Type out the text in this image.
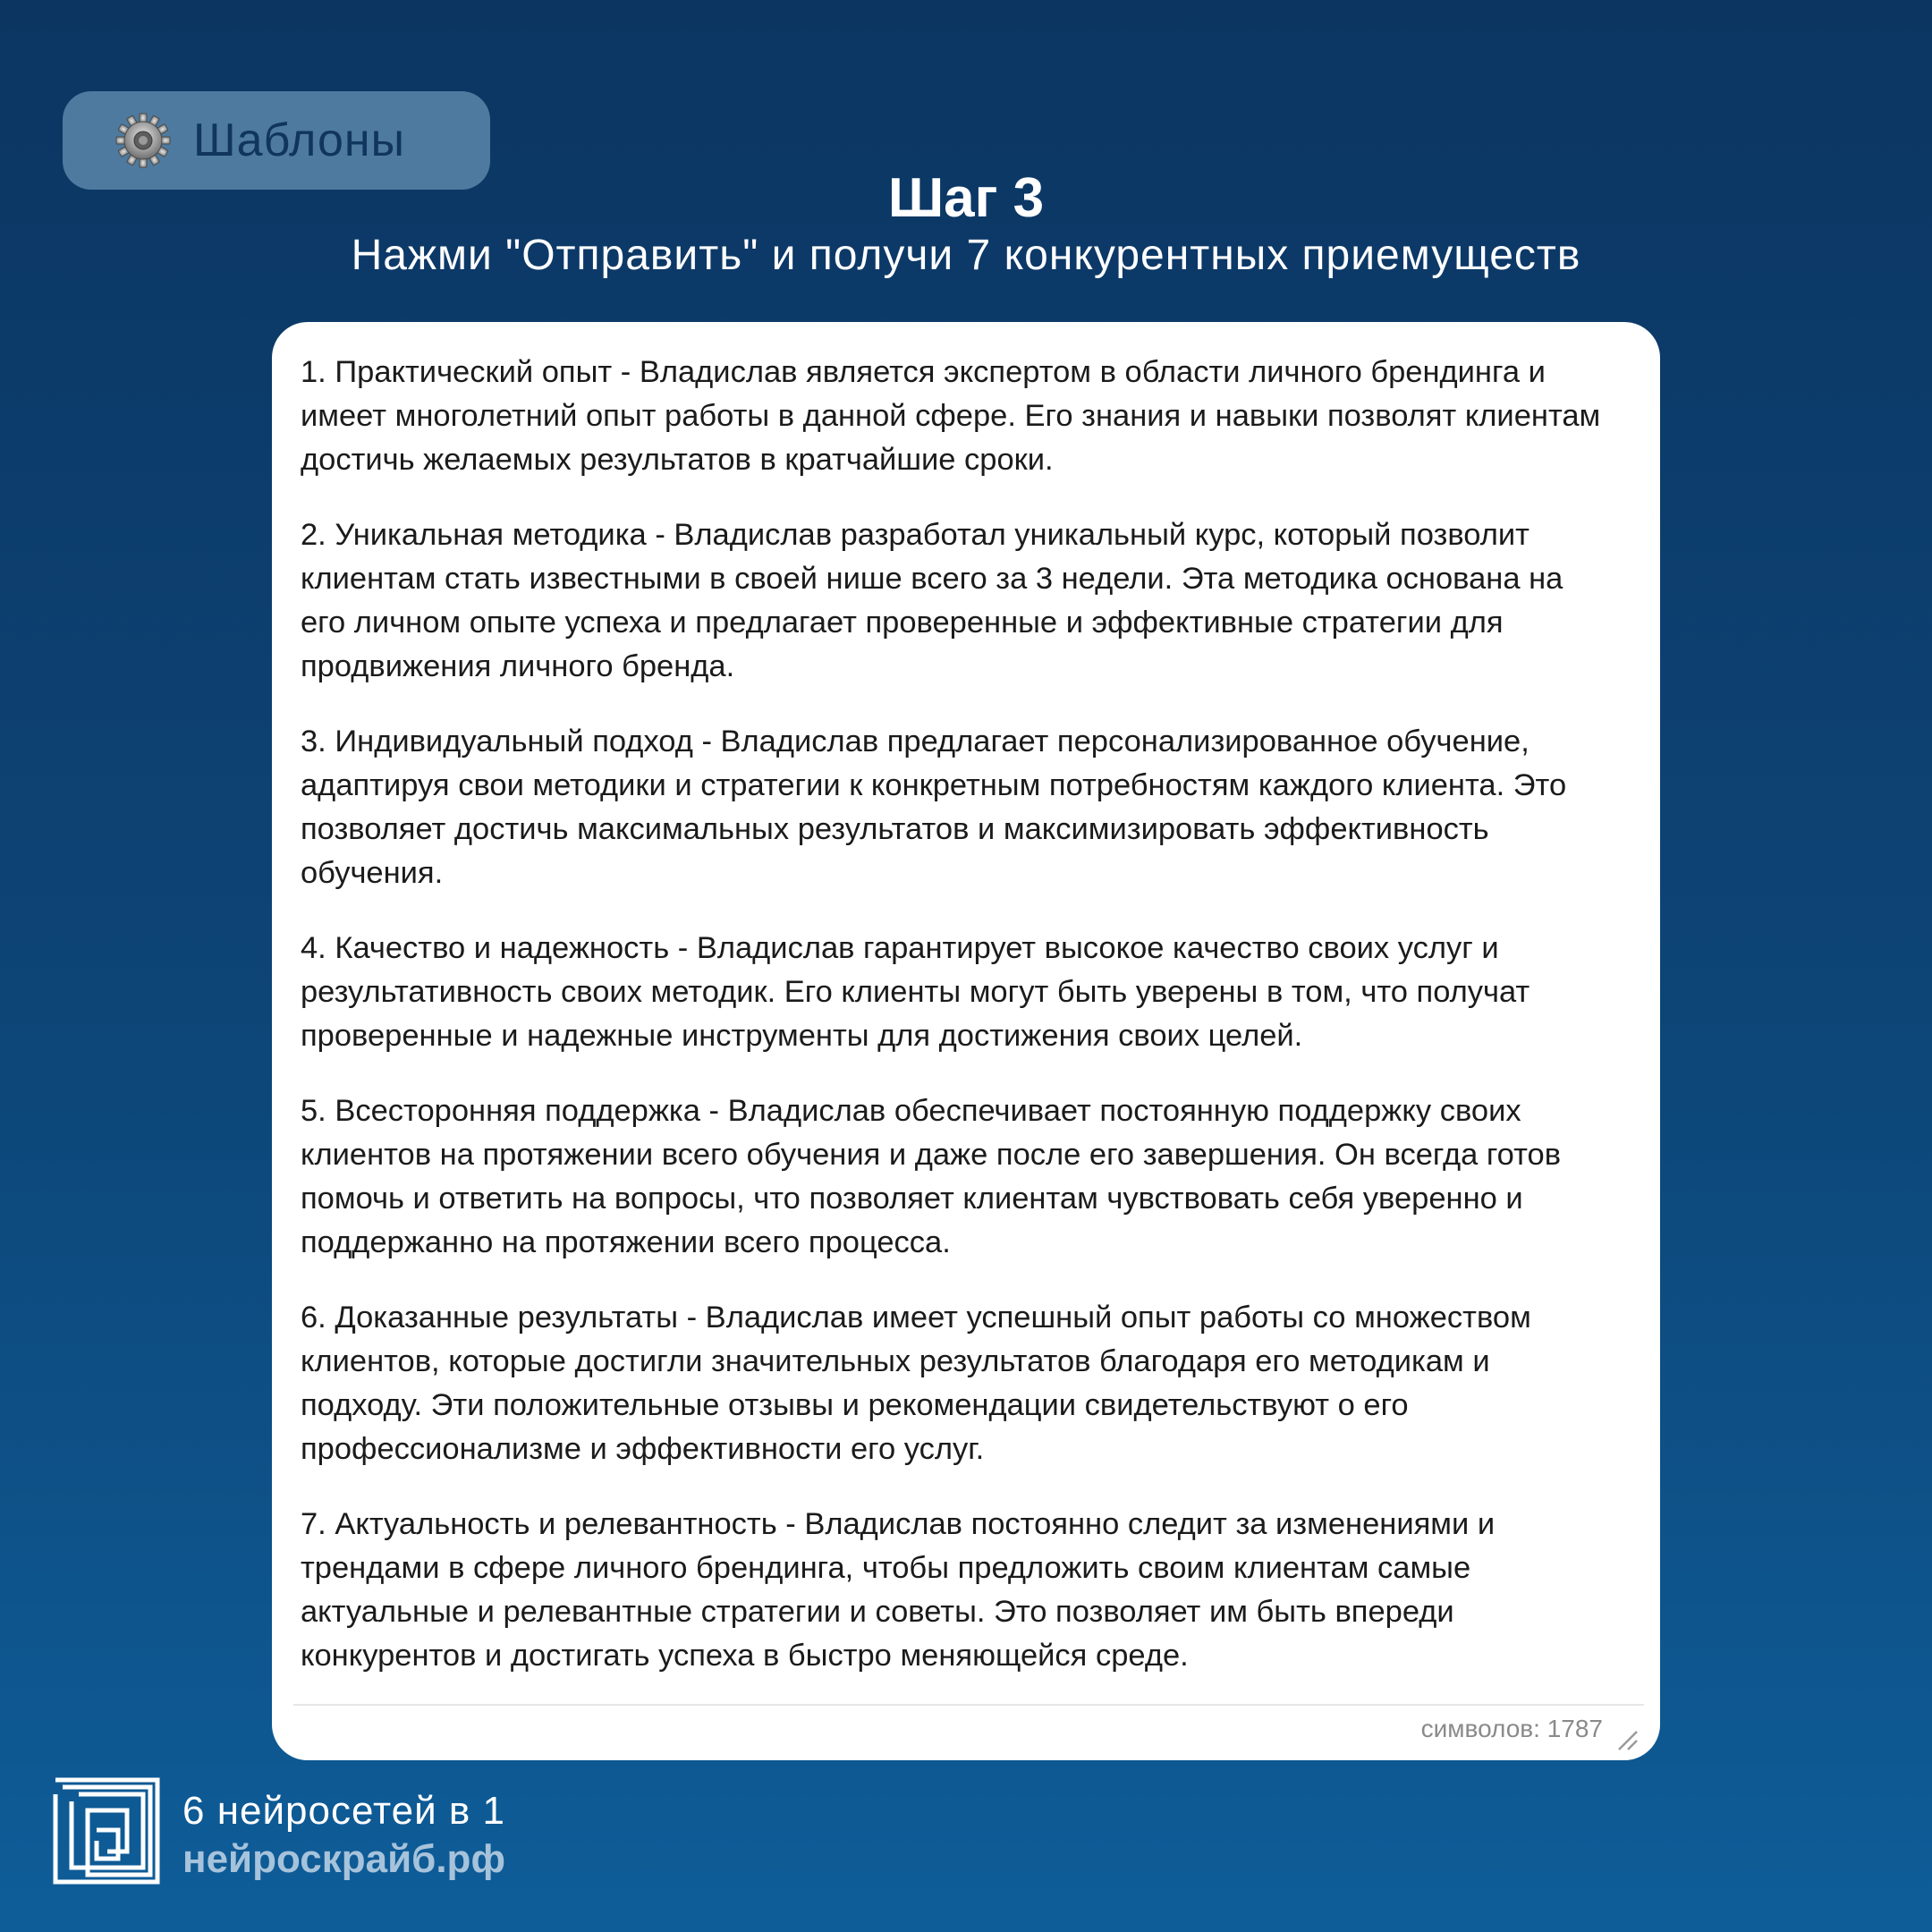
Шаблоны
Шаг 3
Нажми "Отправить" и получи 7 конкурентных приемуществ

1. Практический опыт - Владислав является экспертом в области личного брендинга и имеет многолетний опыт работы в данной сфере. Его знания и навыки позволят клиентам достичь желаемых результатов в кратчайшие сроки.

2. Уникальная методика - Владислав разработал уникальный курс, который позволит клиентам стать известными в своей нише всего за 3 недели. Эта методика основана на его личном опыте успеха и предлагает проверенные и эффективные стратегии для продвижения личного бренда.

3. Индивидуальный подход - Владислав предлагает персонализированное обучение, адаптируя свои методики и стратегии к конкретным потребностям каждого клиента. Это позволяет достичь максимальных результатов и максимизировать эффективность обучения.

4. Качество и надежность - Владислав гарантирует высокое качество своих услуг и результативность своих методик. Его клиенты могут быть уверены в том, что получат проверенные и надежные инструменты для достижения своих целей.

5. Всесторонняя поддержка - Владислав обеспечивает постоянную поддержку своих клиентов на протяжении всего обучения и даже после его завершения. Он всегда готов помочь и ответить на вопросы, что позволяет клиентам чувствовать себя уверенно и поддержанно на протяжении всего процесса.

6. Доказанные результаты - Владислав имеет успешный опыт работы со множеством клиентов, которые достигли значительных результатов благодаря его методикам и подходу. Эти положительные отзывы и рекомендации свидетельствуют о его профессионализме и эффективности его услуг.

7. Актуальность и релевантность - Владислав постоянно следит за изменениями и трендами в сфере личного брендинга, чтобы предложить своим клиентам самые актуальные и релевантные стратегии и советы. Это позволяет им быть впереди конкурентов и достигать успеха в быстро меняющейся среде.

символов: 1787
6 нейросетей в 1
нейроскрайб.рф
